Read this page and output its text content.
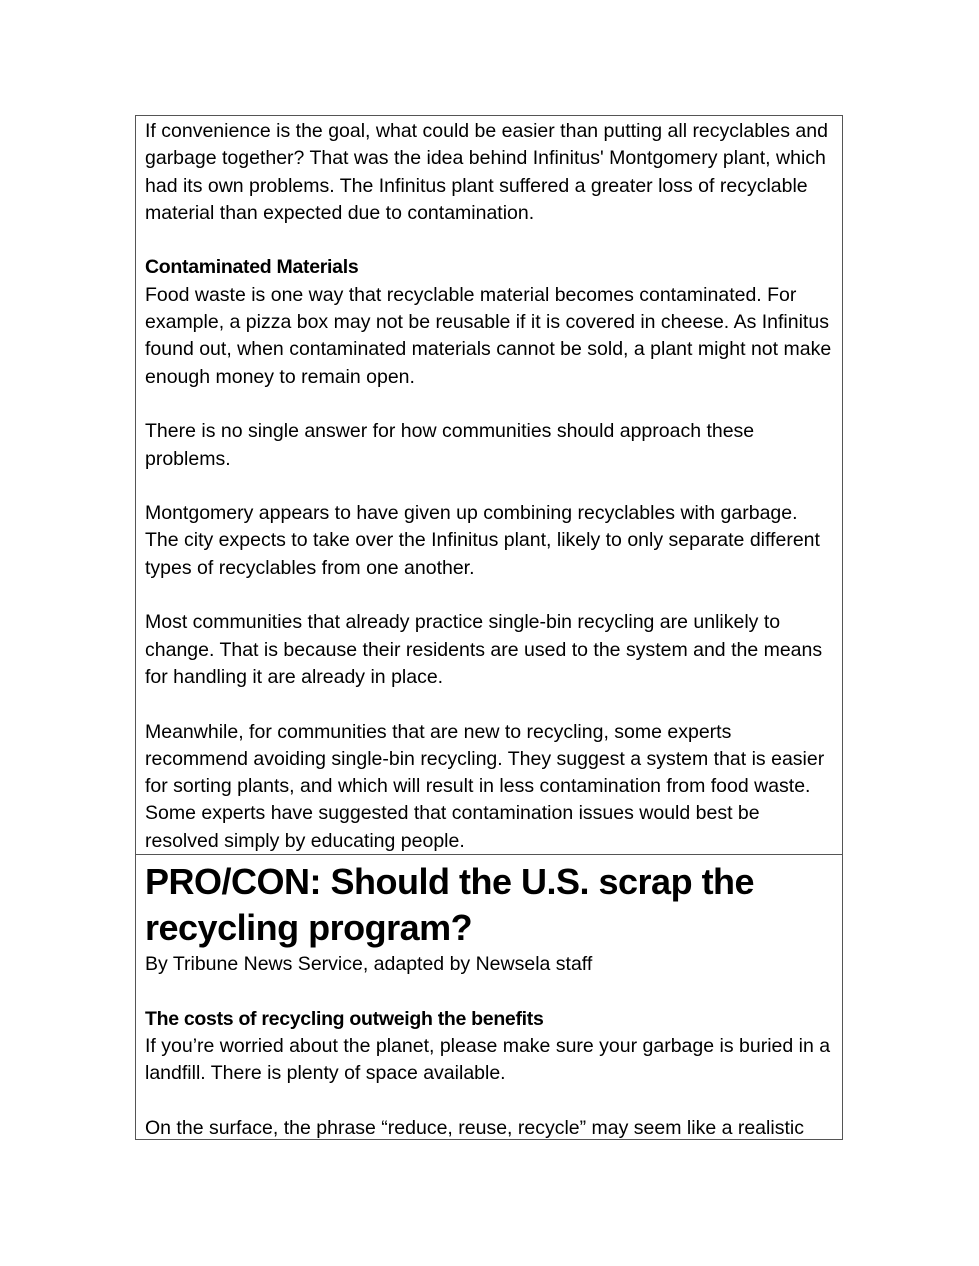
If convenience is the goal, what could be easier than putting all recyclables and garbage together? That was the idea behind Infinitus' Montgomery plant, which had its own problems. The Infinitus plant suffered a greater loss of recyclable material than expected due to contamination.

Contaminated Materials
Food waste is one way that recyclable material becomes contaminated. For example, a pizza box may not be reusable if it is covered in cheese. As Infinitus found out, when contaminated materials cannot be sold, a plant might not make enough money to remain open.

There is no single answer for how communities should approach these problems.

Montgomery appears to have given up combining recyclables with garbage. The city expects to take over the Infinitus plant, likely to only separate different types of recyclables from one another.

Most communities that already practice single-bin recycling are unlikely to change. That is because their residents are used to the system and the means for handling it are already in place.

Meanwhile, for communities that are new to recycling, some experts recommend avoiding single-bin recycling. They suggest a system that is easier for sorting plants, and which will result in less contamination from food waste. Some experts have suggested that contamination issues would best be resolved simply by educating people.

PRO/CON: Should the U.S. scrap the recycling program?

By Tribune News Service, adapted by Newsela staff

The costs of recycling outweigh the benefits
If you’re worried about the planet, please make sure your garbage is buried in a landfill. There is plenty of space available.

On the surface, the phrase “reduce, reuse, recycle” may seem like a realistic
